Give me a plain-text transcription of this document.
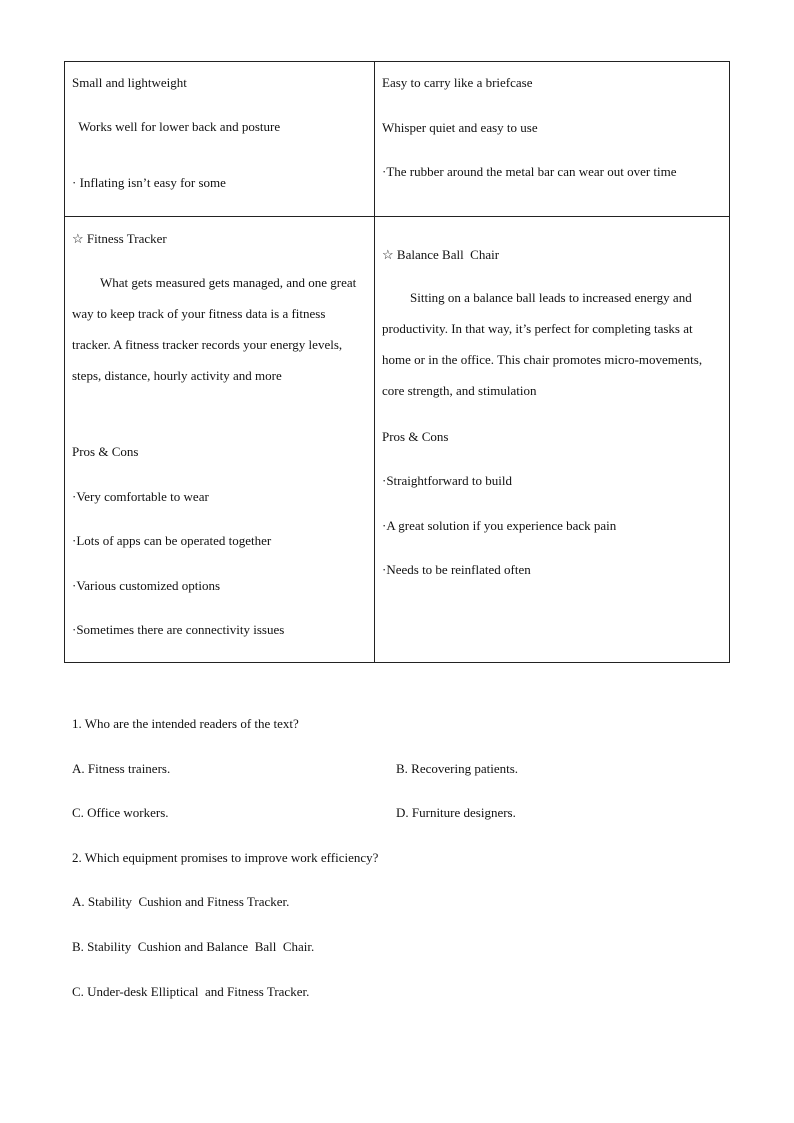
Small and lightweight
Works well for lower back and posture
· Inflating isn’t easy for some
Easy to carry like a briefcase
Whisper quiet and easy to use
·The rubber around the metal bar can wear out over time
☆ Fitness Tracker
What gets measured gets managed, and one great way to keep track of your fitness data is a fitness tracker. A fitness tracker records your energy levels, steps, distance, hourly activity and more
Pros & Cons
·Very comfortable to wear
·Lots of apps can be operated together
·Various customized options
·Sometimes there are connectivity issues
☆ Balance Ball  Chair
Sitting on a balance ball leads to increased energy and productivity. In that way, it’s perfect for completing tasks at home or in the office. This chair promotes micro-movements, core strength, and stimulation
Pros & Cons
·Straightforward to build
·A great solution if you experience back pain
·Needs to be reinflated often
1. Who are the intended readers of the text?
A. Fitness trainers.	B. Recovering patients.
C. Office workers.	D. Furniture designers.
2. Which equipment promises to improve work efficiency?
A. Stability  Cushion and Fitness Tracker.
B. Stability  Cushion and Balance  Ball  Chair.
C. Under-desk Elliptical  and Fitness Tracker.
